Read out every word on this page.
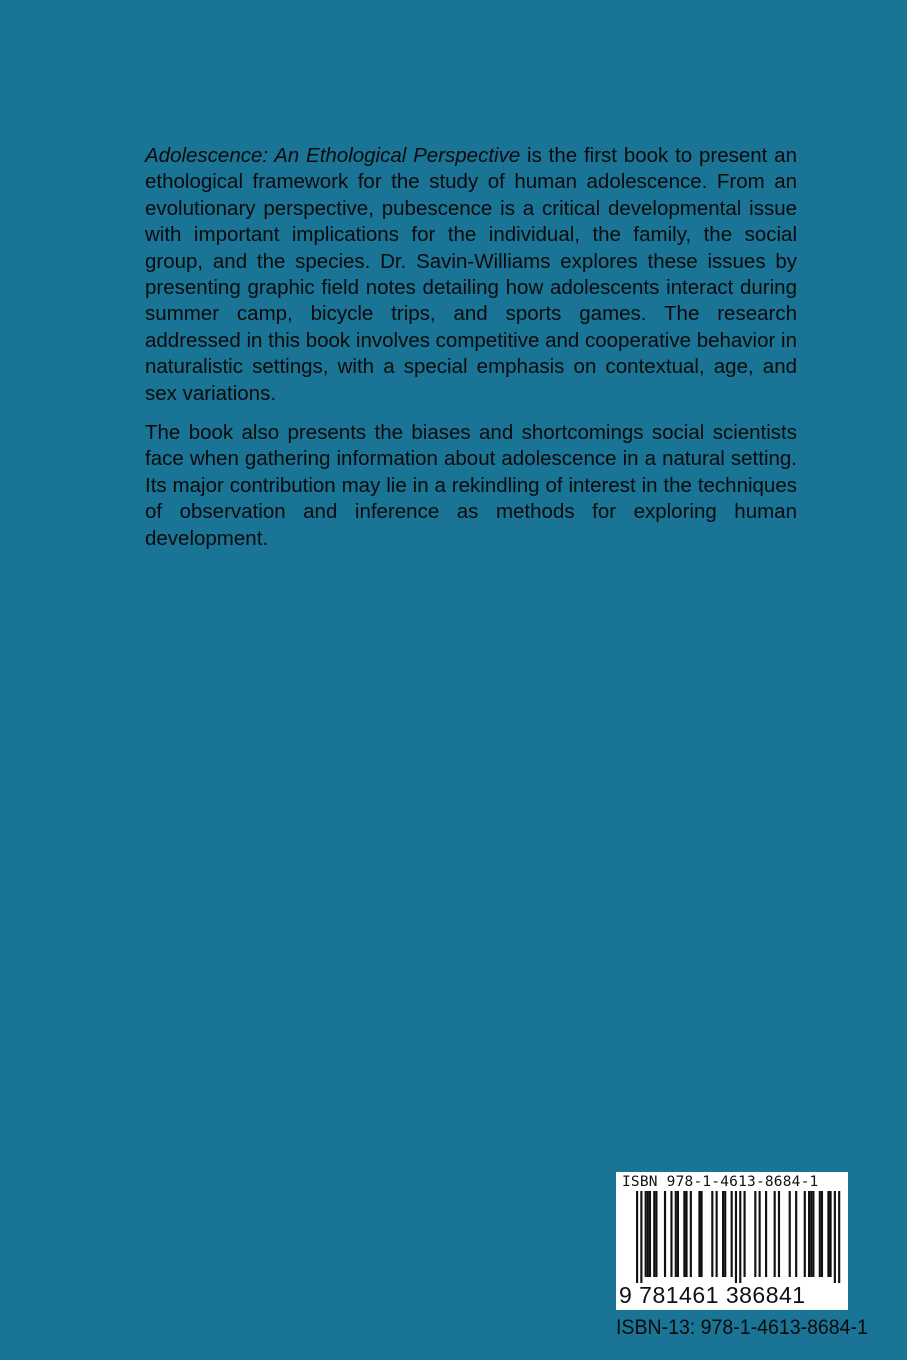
Adolescence: An Ethological Perspective is the first book to present an ethological framework for the study of human adolescence. From an evolutionary perspective, pubescence is a critical developmental issue with important implications for the individual, the family, the social group, and the species. Dr. Savin-Williams explores these issues by presenting graphic field notes detailing how adolescents interact during summer camp, bicycle trips, and sports games. The research addressed in this book involves competitive and cooperative behavior in naturalistic settings, with a special emphasis on contextual, age, and sex variations.

The book also presents the biases and shortcomings social scientists face when gathering information about adolescence in a natural setting. Its major contribution may lie in a rekindling of interest in the techniques of observation and inference as methods for exploring human development.

ISBN 978-1-4613-8684-1
9 781461 386841
ISBN-13: 978-1-4613-8684-1
